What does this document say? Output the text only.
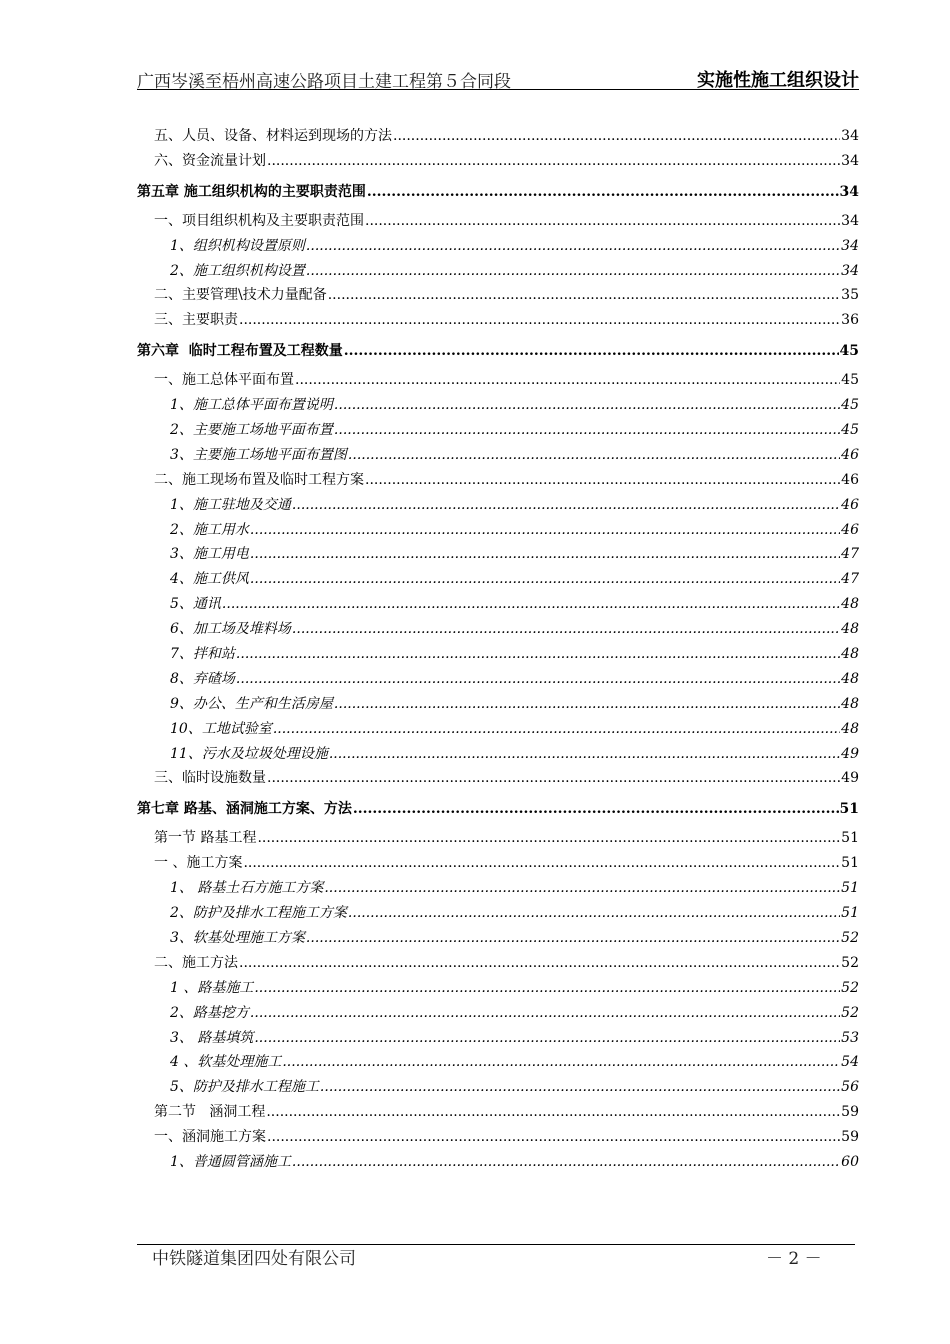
广西岑溪至梧州高速公路项目土建工程第５合同段	实施性施工组织设计
五、人员、设备、材料运到现场的方法 .....	34
六、资金流量计划 .....	34
第五章 施工组织机构的主要职责范围 .....	34
一、项目组织机构及主要职责范围 .....	34
1、组织机构设置原则 .....	34
2、施工组织机构设置 .....	34
二、主要管理\技术力量配备 .....	35
三、主要职责 .....	36
第六章  临时工程布置及工程数量 .....	45
一、施工总体平面布置 .....	45
1、施工总体平面布置说明 .....	45
2、主要施工场地平面布置 .....	45
3、主要施工场地平面布置图 .....	46
二、施工现场布置及临时工程方案 .....	46
1、施工驻地及交通 .....	46
2、施工用水 .....	46
3、施工用电 .....	47
4、施工供风 .....	47
5、通讯 .....	48
6、加工场及堆料场 .....	48
7、拌和站 .....	48
8、弃碴场 .....	48
9、办公、生产和生活房屋 .....	48
10、工地试验室 .....	48
11、污水及垃圾处理设施 .....	49
三、临时设施数量 .....	49
第七章 路基、涵洞施工方案、方法 .....	51
第一节 路基工程 .....	51
一 、施工方案 .....	51
1、 路基土石方施工方案 .....	51
2、防护及排水工程施工方案 .....	51
3、软基处理施工方案 .....	52
二、施工方法 .....	52
1 、路基施工 .....	52
2、路基挖方 .....	52
3、 路基填筑 .....	53
4 、软基处理施工 .....	54
5、防护及排水工程施工 .....	56
第二节   涵洞工程 .....	59
一、涵洞施工方案 .....	59
1、普通圆管涵施工 .....	60
中铁隧道集团四处有限公司	－ 2 －
